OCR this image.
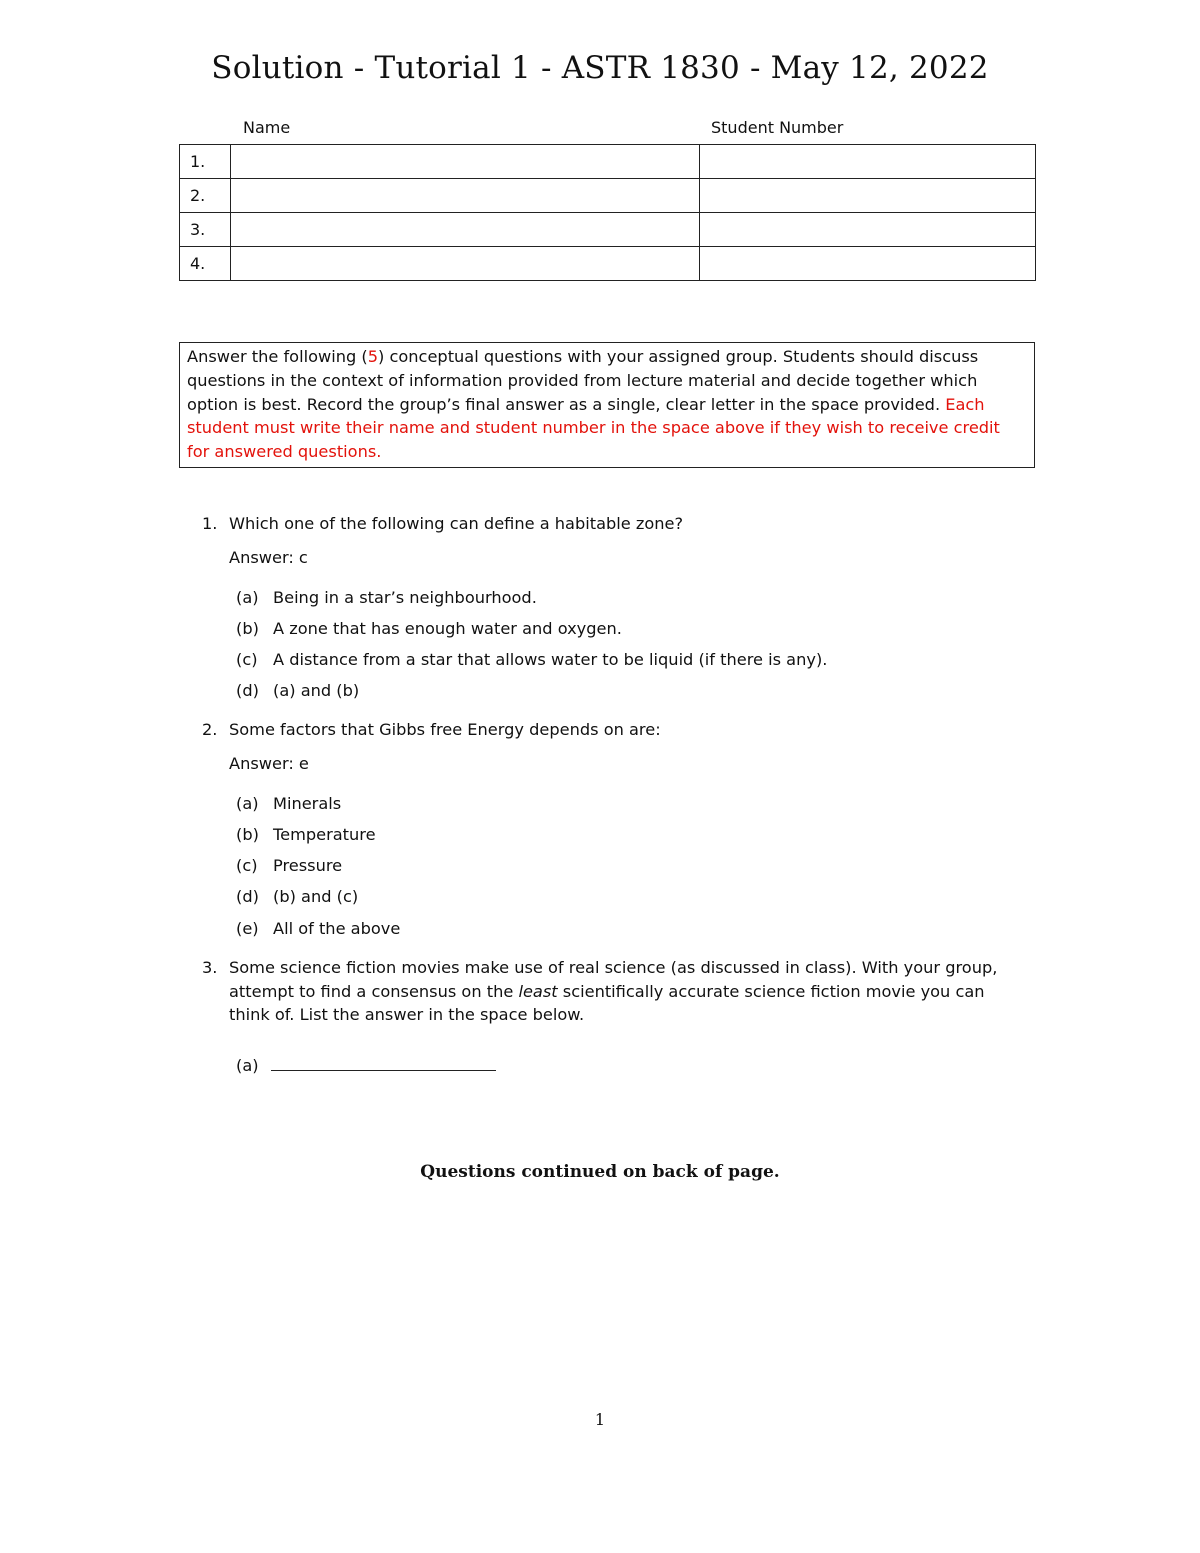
Solution - Tutorial 1 - ASTR 1830 - May 12, 2022
Name	Student Number
1.		
2.		
3.		
4.		
Answer the following (5) conceptual questions with your assigned group. Students should discuss questions in the context of information provided from lecture material and decide together which option is best. Record the group’s final answer as a single, clear letter in the space provided. Each student must write their name and student number in the space above if they wish to receive credit for answered questions.
1. Which one of the following can define a habitable zone?
Answer: c
(a) Being in a star’s neighbourhood.
(b) A zone that has enough water and oxygen.
(c) A distance from a star that allows water to be liquid (if there is any).
(d) (a) and (b)
2. Some factors that Gibbs free Energy depends on are:
Answer: e
(a) Minerals
(b) Temperature
(c) Pressure
(d) (b) and (c)
(e) All of the above
3. Some science fiction movies make use of real science (as discussed in class). With your group, attempt to find a consensus on the least scientifically accurate science fiction movie you can think of. List the answer in the space below.
(a)
Questions continued on back of page.
1
